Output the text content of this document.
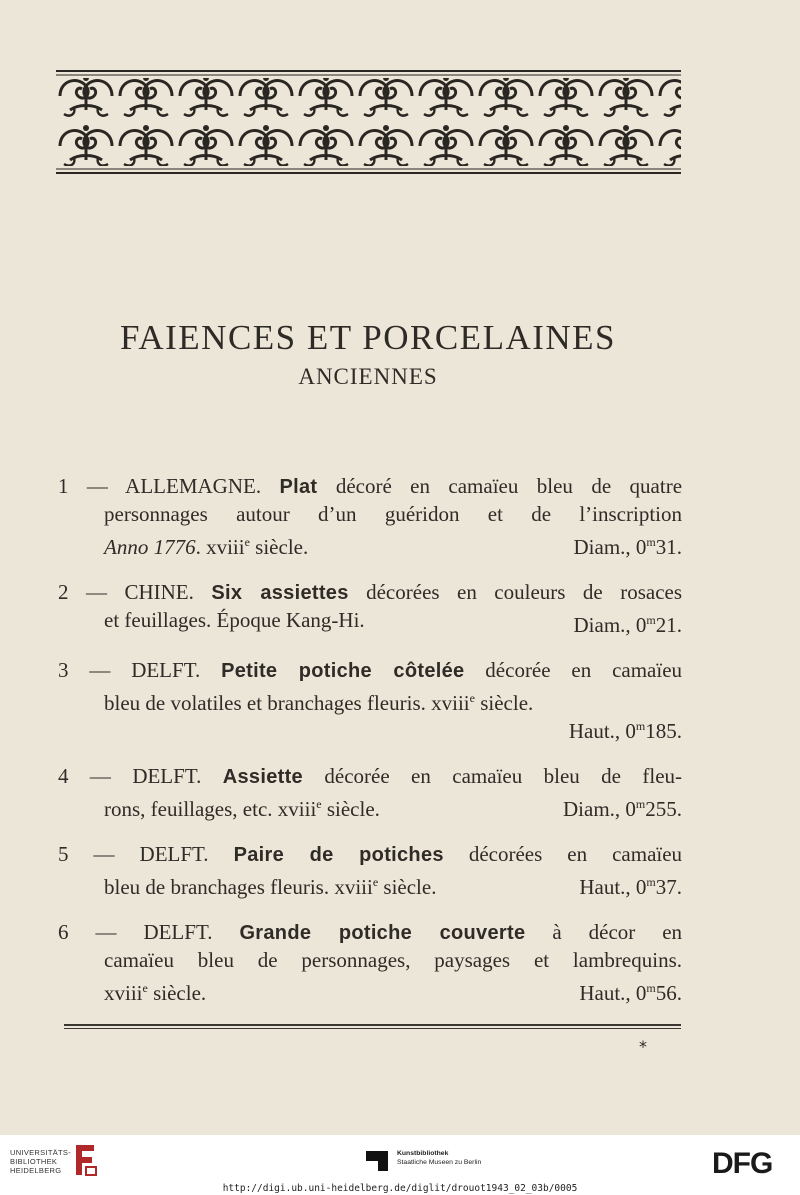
FAIENCES ET PORCELAINES
ANCIENNES
1 — ALLEMAGNE. Plat décoré en camaïeu bleu de quatre
personnages autour d’un guéridon et de l’inscription
Anno 1776. xviii$^e$ siècle.	Diam., 0$^m$31.
2 — CHINE. Six assiettes décorées en couleurs de rosaces
et feuillages. Époque Kang-Hi.	Diam., 0$^m$21.
3 — DELFT. Petite potiche côtelée décorée en camaïeu
bleu de volatiles et branchages fleuris. xviii$^e$ siècle.
Haut., 0$^m$185.
4 — DELFT. Assiette décorée en camaïeu bleu de fleu-
rons, feuillages, etc. xviii$^e$ siècle.	Diam., 0$^m$255.
5 — DELFT. Paire de potiches décorées en camaïeu
bleu de branchages fleuris. xviii$^e$ siècle.	Haut., 0$^m$37.
6 — DELFT. Grande potiche couverte à décor en
camaïeu bleu de personnages, paysages et lambrequins.
xviii$^e$ siècle.	Haut., 0$^m$56.
*
UNIVERSITÄTS-
BIBLIOTHEK
HEIDELBERG
Kunstbibliothek
Staatliche Museen zu Berlin	DFG
http://digi.ub.uni-heidelberg.de/diglit/drouot1943_02_03b/0005
